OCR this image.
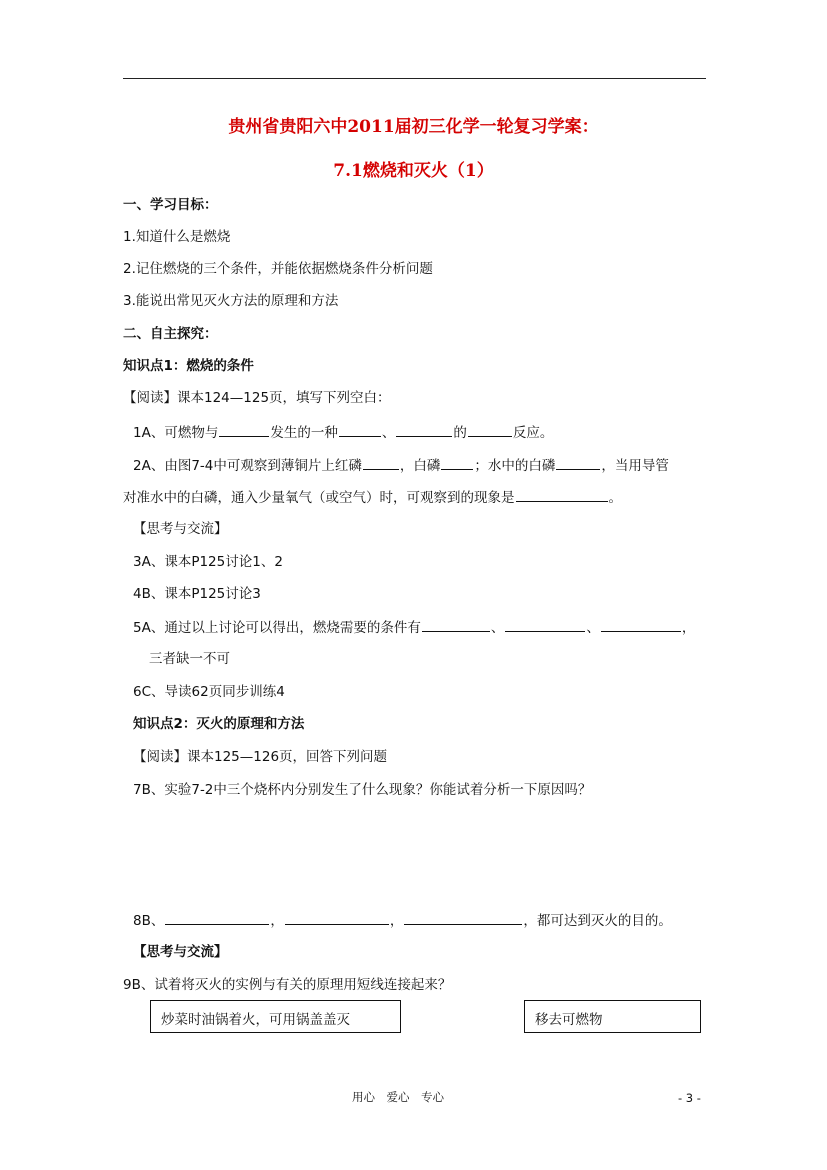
贵州省贵阳六中2011届初三化学一轮复习学案：
7.1燃烧和灭火（1）
一、学习目标：
1.知道什么是燃烧
2.记住燃烧的三个条件，并能依据燃烧条件分析问题
3.能说出常见灭火方法的原理和方法
二、自主探究：
知识点1：燃烧的条件
【阅读】课本124—125页，填写下列空白：
1A、可燃物与	发生的一种	、	的	反应。
2A、由图7-4中可观察到薄铜片上红磷	，白磷	；水中的白磷	，当用导管
对准水中的白磷，通入少量氧气（或空气）时，可观察到的现象是	。
【思考与交流】
3A、课本P125讨论1、2
4B、课本P125讨论3
5A、通过以上讨论可以得出，燃烧需要的条件有	、	、	，
三者缺一不可
6C、导读62页同步训练4
知识点2：灭火的原理和方法
【阅读】课本125—126页，回答下列问题
7B、实验7-2中三个烧杯内分别发生了什么现象？你能试着分析一下原因吗？
8B、	，	，	，都可达到灭火的目的。
【思考与交流】
9B、试着将灭火的实例与有关的原理用短线连接起来？
炒菜时油锅着火，可用锅盖盖灭	移去可燃物
用心　爱心　专心	- 3 -
